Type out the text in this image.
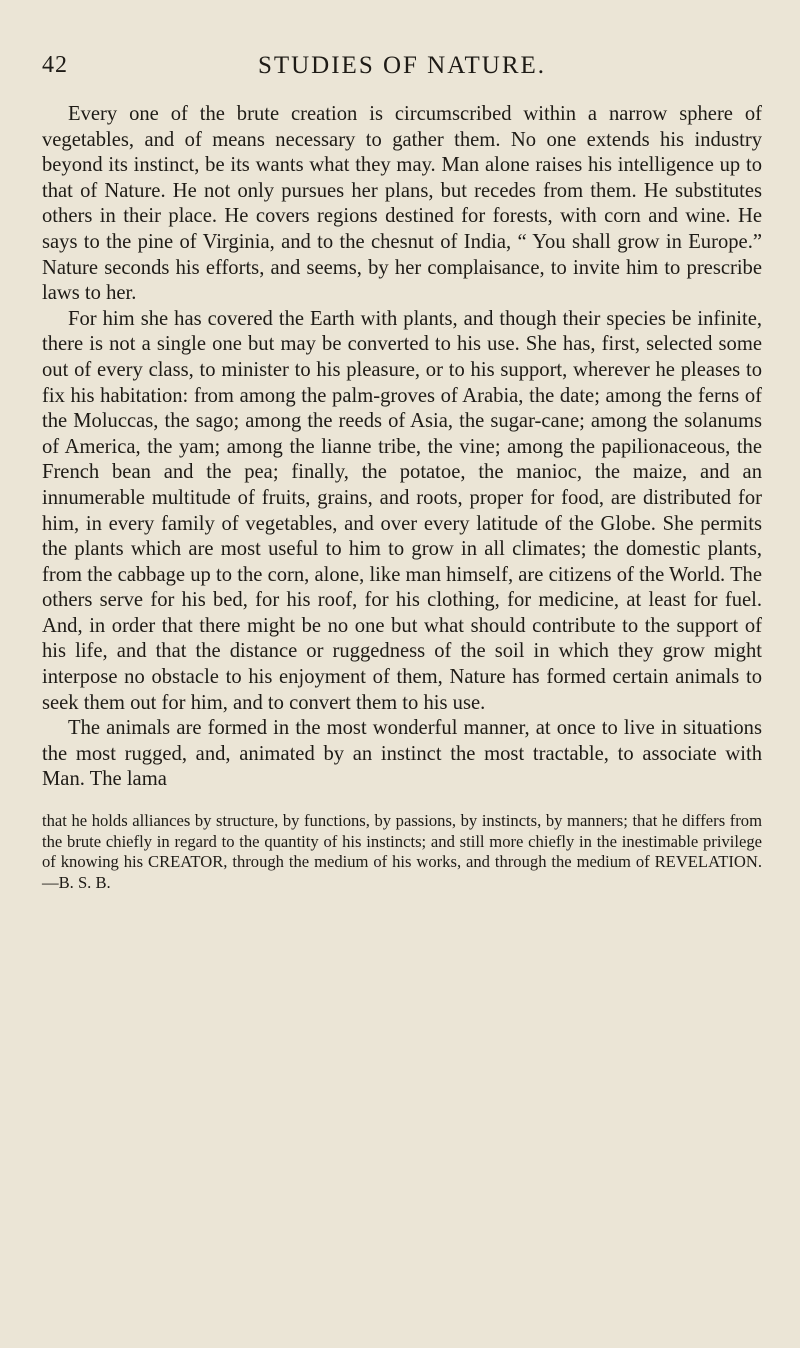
42	STUDIES OF NATURE.

Every one of the brute creation is circumscribed within a narrow sphere of vegetables, and of means necessary to gather them. No one extends his industry beyond its instinct, be its wants what they may. Man alone raises his intelligence up to that of Nature. He not only pursues her plans, but recedes from them. He substitutes others in their place. He covers regions destined for forests, with corn and wine. He says to the pine of Virginia, and to the chesnut of India, “ You shall grow in Europe.” Nature seconds his efforts, and seems, by her complaisance, to invite him to prescribe laws to her.

For him she has covered the Earth with plants, and though their species be infinite, there is not a single one but may be converted to his use. She has, first, selected some out of every class, to minister to his pleasure, or to his support, wherever he pleases to fix his habitation: from among the palm-groves of Arabia, the date; among the ferns of the Moluccas, the sago; among the reeds of Asia, the sugar-cane; among the solanums of America, the yam; among the lianne tribe, the vine; among the papilionaceous, the French bean and the pea; finally, the potatoe, the manioc, the maize, and an innumerable multitude of fruits, grains, and roots, proper for food, are distributed for him, in every family of vegetables, and over every latitude of the Globe. She permits the plants which are most useful to him to grow in all climates; the domestic plants, from the cabbage up to the corn, alone, like man himself, are citizens of the World. The others serve for his bed, for his roof, for his clothing, for medicine, at least for fuel. And, in order that there might be no one but what should contribute to the support of his life, and that the distance or ruggedness of the soil in which they grow might interpose no obstacle to his enjoyment of them, Nature has formed certain animals to seek them out for him, and to convert them to his use.

The animals are formed in the most wonderful manner, at once to live in situations the most rugged, and, animated by an instinct the most tractable, to associate with Man. The lama

that he holds alliances by structure, by functions, by passions, by instincts, by manners; that he differs from the brute chiefly in regard to the quantity of his instincts; and still more chiefly in the inestimable privilege of knowing his CREATOR, through the medium of his works, and through the medium of REVELATION.—B. S. B.
